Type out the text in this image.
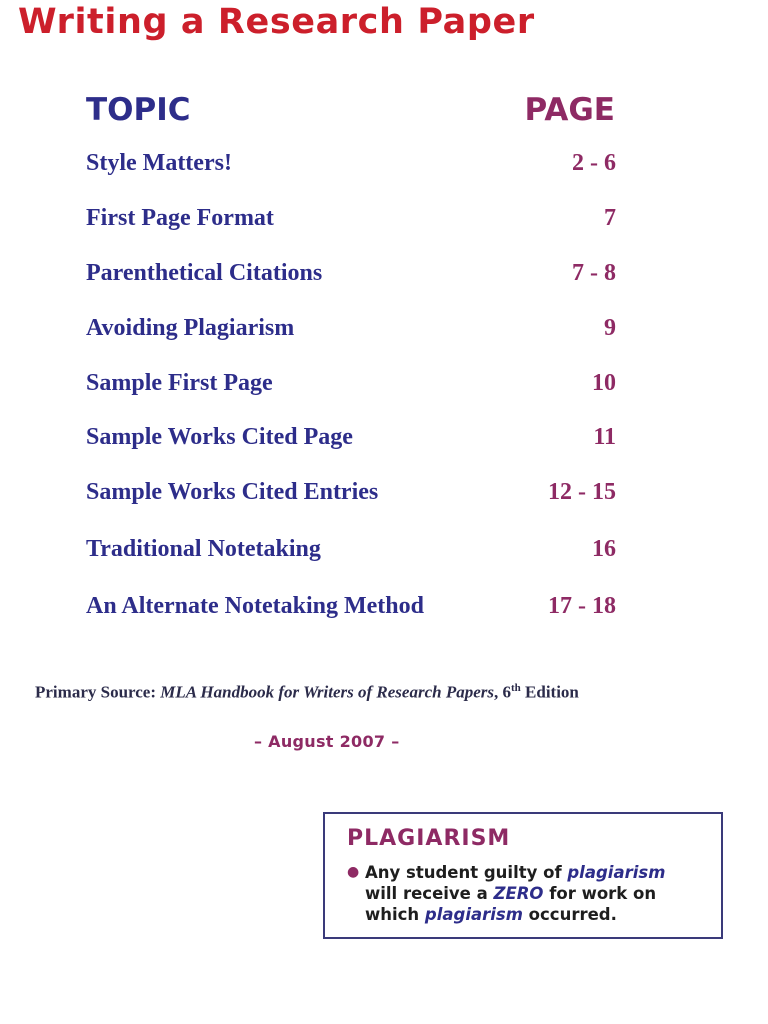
Writing a Research Paper
TOPIC	PAGE
Style Matters!	2 - 6
First Page Format	7
Parenthetical Citations	7 - 8
Avoiding Plagiarism	9
Sample First Page	10
Sample Works Cited Page	11
Sample Works Cited Entries	12 - 15
Traditional Notetaking	16
An Alternate Notetaking Method	17 - 18
Primary Source: MLA Handbook for Writers of Research Papers, 6th Edition
– August 2007 –
PLAGIARISM
● Any student guilty of plagiarism
will receive a ZERO for work on
which plagiarism occurred.
